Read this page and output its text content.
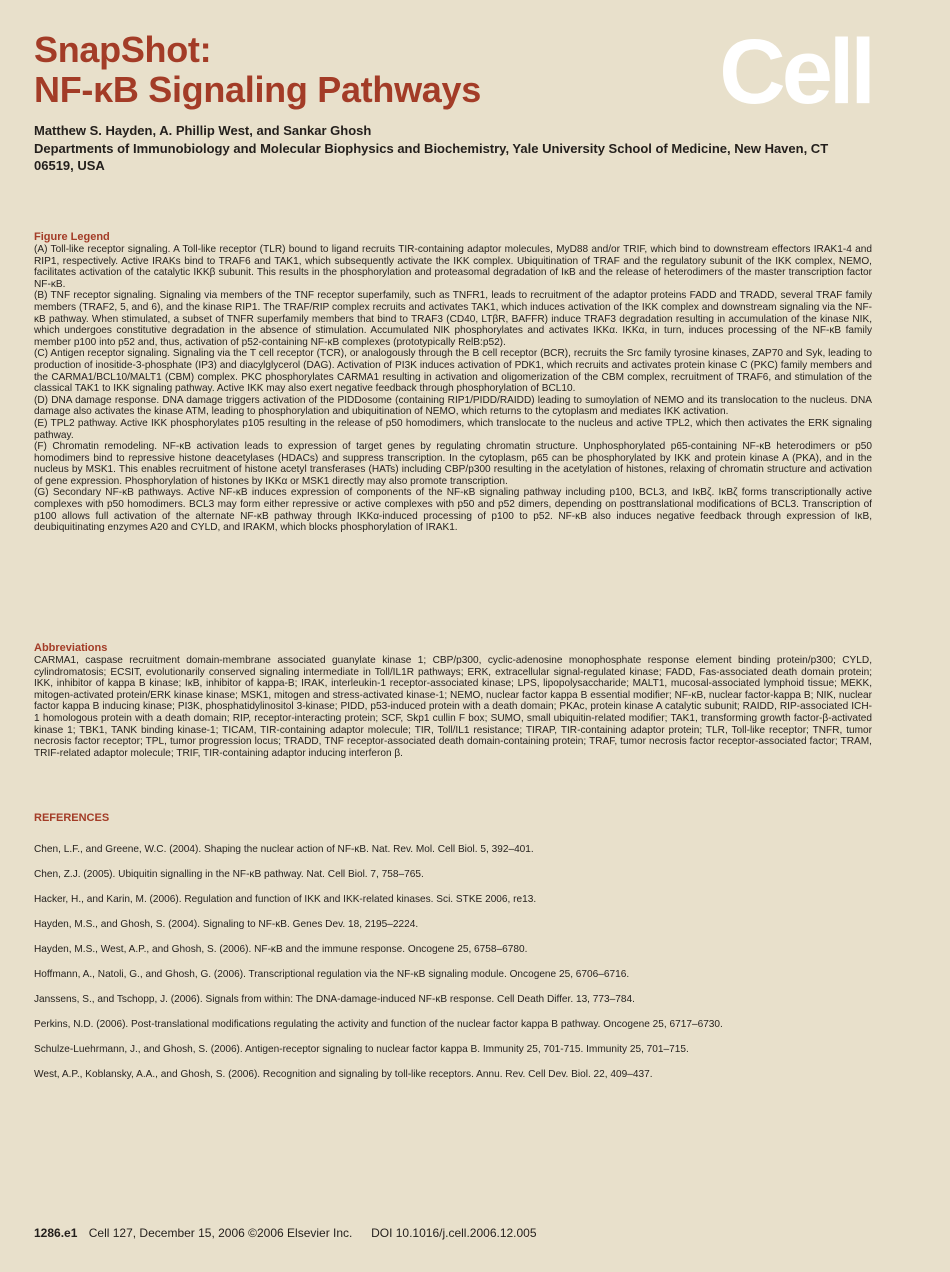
SnapShot:
NF-κB Signaling Pathways	Cell
Matthew S. Hayden, A. Phillip West, and Sankar Ghosh
Departments of Immunobiology and Molecular Biophysics and Biochemistry, Yale University School of Medicine, New Haven, CT 06519, USA
Figure Legend

(A) Toll-like receptor signaling. A Toll-like receptor (TLR) bound to ligand recruits TIR-containing adaptor molecules, MyD88 and/or TRIF, which bind to downstream effectors IRAK1-4 and RIP1, respectively. Active IRAKs bind to TRAF6 and TAK1, which subsequently activate the IKK complex. Ubiquitination of TRAF and the regulatory subunit of the IKK complex, NEMO, facilitates activation of the catalytic IKKβ subunit. This results in the phosphorylation and proteasomal degradation of IκB and the release of heterodimers of the master transcription factor NF-κB.

(B) TNF receptor signaling. Signaling via members of the TNF receptor superfamily, such as TNFR1, leads to recruitment of the adaptor proteins FADD and TRADD, several TRAF family members (TRAF2, 5, and 6), and the kinase RIP1. The TRAF/RIP complex recruits and activates TAK1, which induces activation of the IKK complex and downstream signaling via the NF-κB pathway. When stimulated, a subset of TNFR superfamily members that bind to TRAF3 (CD40, LTβR, BAFFR) induce TRAF3 degradation resulting in accumulation of the kinase NIK, which undergoes constitutive degradation in the absence of stimulation. Accumulated NIK phosphorylates and activates IKKα. IKKα, in turn, induces processing of the NF-κB family member p100 into p52 and, thus, activation of p52-containing NF-κB complexes (prototypically RelB:p52).

(C) Antigen receptor signaling. Signaling via the T cell receptor (TCR), or analogously through the B cell receptor (BCR), recruits the Src family tyrosine kinases, ZAP70 and Syk, leading to production of inositide-3-phosphate (IP3) and diacylglycerol (DAG). Activation of PI3K induces activation of PDK1, which recruits and activates protein kinase C (PKC) family members and the CARMA1/BCL10/MALT1 (CBM) complex. PKC phosphorylates CARMA1 resulting in activation and oligomerization of the CBM complex, recruitment of TRAF6, and stimulation of the classical TAK1 to IKK signaling pathway. Active IKK may also exert negative feedback through phosphorylation of BCL10.

(D) DNA damage response. DNA damage triggers activation of the PIDDosome (containing RIP1/PIDD/RAIDD) leading to sumoylation of NEMO and its translocation to the nucleus. DNA damage also activates the kinase ATM, leading to phosphorylation and ubiquitination of NEMO, which returns to the cytoplasm and mediates IKK activation.

(E) TPL2 pathway. Active IKK phosphorylates p105 resulting in the release of p50 homodimers, which translocate to the nucleus and active TPL2, which then activates the ERK signaling pathway.

(F) Chromatin remodeling. NF-κB activation leads to expression of target genes by regulating chromatin structure. Unphosphorylated p65-containing NF-κB heterodimers or p50 homodimers bind to repressive histone deacetylases (HDACs) and suppress transcription. In the cytoplasm, p65 can be phosphorylated by IKK and protein kinase A (PKA), and in the nucleus by MSK1. This enables recruitment of histone acetyl transferases (HATs) including CBP/p300 resulting in the acetylation of histones, relaxing of chromatin structure and activation of gene expression. Phosphorylation of histones by IKKα or MSK1 directly may also promote transcription.

(G) Secondary NF-κB pathways. Active NF-κB induces expression of components of the NF-κB signaling pathway including p100, BCL3, and IκBζ. IκBζ forms transcriptionally active complexes with p50 homodimers. BCL3 may form either repressive or active complexes with p50 and p52 dimers, depending on posttranslational modifications of BCL3. Transcription of p100 allows full activation of the alternate NF-κB pathway through IKKα-induced processing of p100 to p52. NF-κB also induces negative feedback through expression of IκB, deubiquitinating enzymes A20 and CYLD, and IRAKM, which blocks phosphorylation of IRAK1.

Abbreviations

CARMA1, caspase recruitment domain-membrane associated guanylate kinase 1; CBP/p300, cyclic-adenosine monophosphate response element binding protein/p300; CYLD, cylindromatosis; ECSIT, evolutionarily conserved signaling intermediate in Toll/IL1R pathways; ERK, extracellular signal-regulated kinase; FADD, Fas-associated death domain protein; IKK, inhibitor of kappa B kinase; IκB, inhibitor of kappa-B; IRAK, interleukin-1 receptor-associated kinase; LPS, lipopolysaccharide; MALT1, mucosal-associated lymphoid tissue; MEKK, mitogen-activated protein/ERK kinase kinase; MSK1, mitogen and stress-activated kinase-1; NEMO, nuclear factor kappa B essential modifier; NF-κB, nuclear factor-kappa B; NIK, nuclear factor kappa B inducing kinase; PI3K, phosphatidylinositol 3-kinase; PIDD, p53-induced protein with a death domain; PKAc, protein kinase A catalytic subunit; RAIDD, RIP-associated ICH-1 homologous protein with a death domain; RIP, receptor-interacting protein; SCF, Skp1 cullin F box; SUMO, small ubiquitin-related modifier; TAK1, transforming growth factor-β-activated kinase 1; TBK1, TANK binding kinase-1; TICAM, TIR-containing adaptor molecule; TIR, Toll/IL1 resistance; TIRAP, TIR-containing adaptor protein; TLR, Toll-like receptor; TNFR, tumor necrosis factor receptor; TPL, tumor progression locus; TRADD, TNF receptor-associated death domain-containing protein; TRAF, tumor necrosis factor receptor-associated factor; TRAM, TRIF-related adaptor molecule; TRIF, TIR-containing adaptor inducing interferon β.

REFERENCES

Chen, L.F., and Greene, W.C. (2004). Shaping the nuclear action of NF-κB. Nat. Rev. Mol. Cell Biol. 5, 392–401.

Chen, Z.J. (2005). Ubiquitin signalling in the NF-κB pathway. Nat. Cell Biol. 7, 758–765.

Hacker, H., and Karin, M. (2006). Regulation and function of IKK and IKK-related kinases. Sci. STKE 2006, re13.

Hayden, M.S., and Ghosh, S. (2004). Signaling to NF-κB. Genes Dev. 18, 2195–2224.

Hayden, M.S., West, A.P., and Ghosh, S. (2006). NF-κB and the immune response. Oncogene 25, 6758–6780.

Hoffmann, A., Natoli, G., and Ghosh, G. (2006). Transcriptional regulation via the NF-κB signaling module. Oncogene 25, 6706–6716.

Janssens, S., and Tschopp, J. (2006). Signals from within: The DNA-damage-induced NF-κB response. Cell Death Differ. 13, 773–784.

Perkins, N.D. (2006). Post-translational modifications regulating the activity and function of the nuclear factor kappa B pathway. Oncogene 25, 6717–6730.

Schulze-Luehrmann, J., and Ghosh, S. (2006). Antigen-receptor signaling to nuclear factor kappa B. Immunity 25, 701-715. Immunity 25, 701–715.

West, A.P., Koblansky, A.A., and Ghosh, S. (2006). Recognition and signaling by toll-like receptors. Annu. Rev. Cell Dev. Biol. 22, 409–437.

1286.e1 Cell 127, December 15, 2006 ©2006 Elsevier Inc. DOI 10.1016/j.cell.2006.12.005
